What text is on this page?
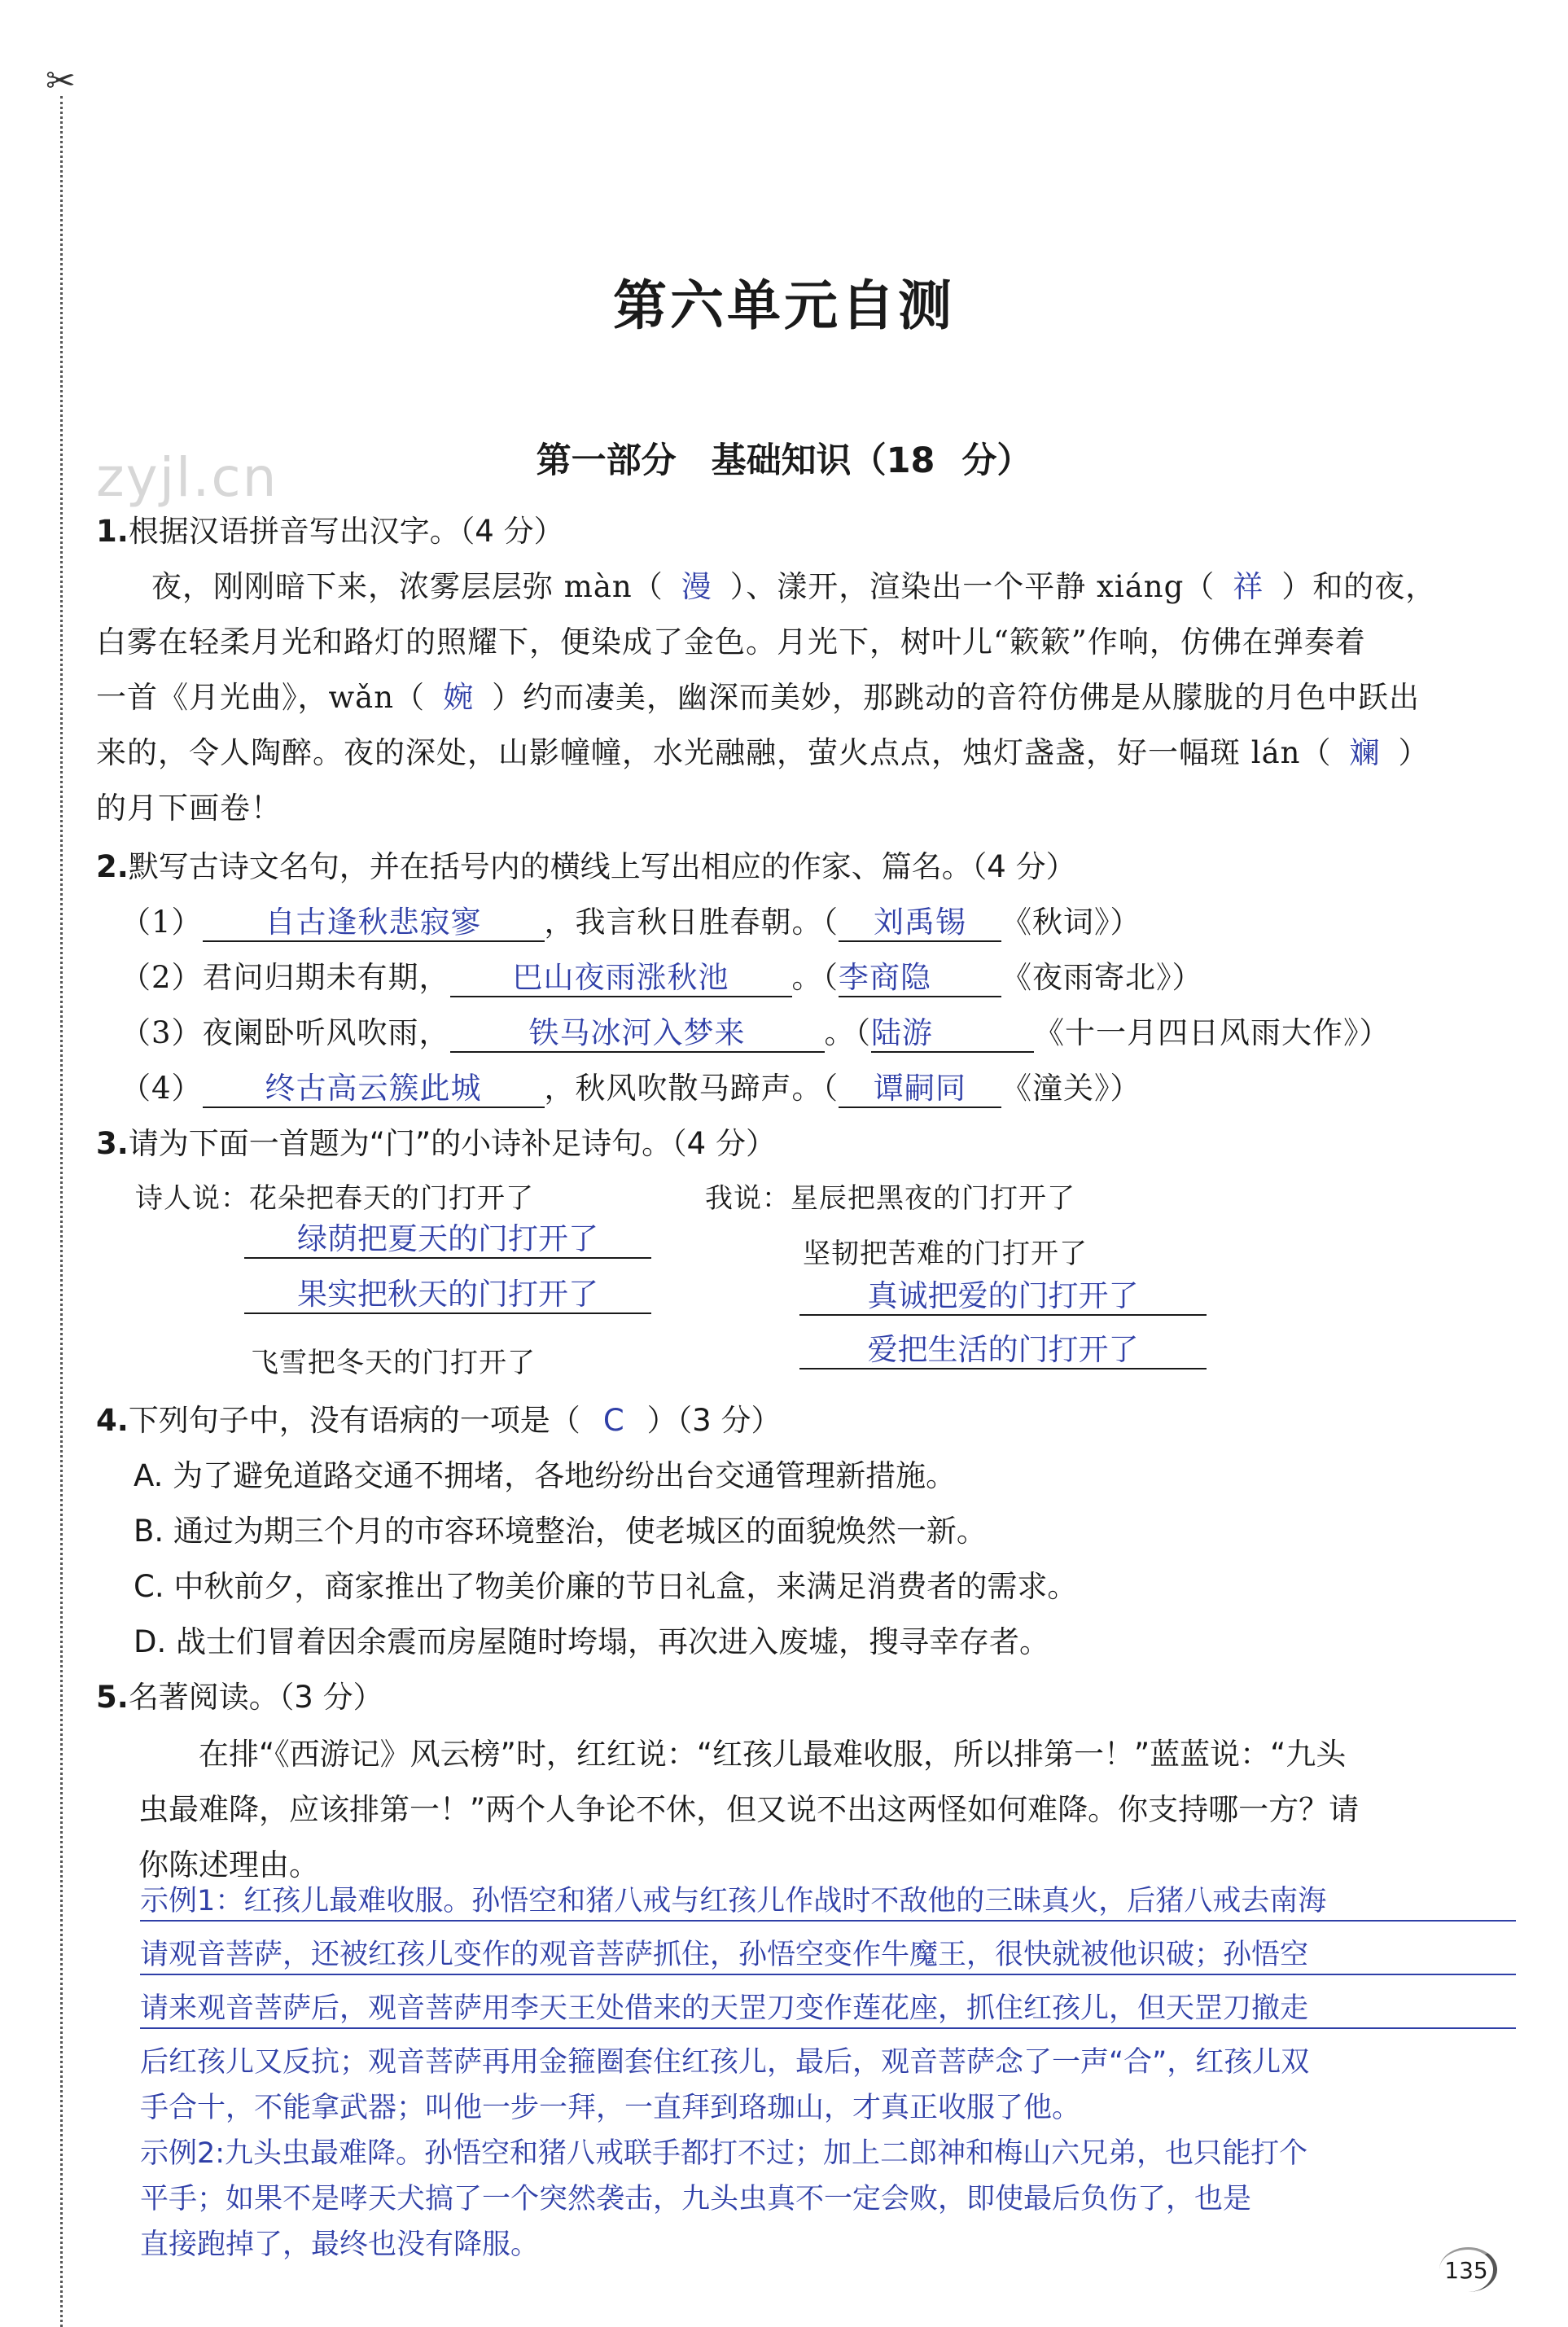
✂
zyjl.cn
第六单元自测
第一部分　基础知识（18 分）
1.根据汉语拼音写出汉字。（4 分）
夜，刚刚暗下来，浓雾层层弥 màn（ 漫 ）、漾开，渲染出一个平静 xiáng（ 祥 ）和的夜，
白雾在轻柔月光和路灯的照耀下，便染成了金色。月光下，树叶儿“簌簌”作响，仿佛在弹奏着
一首《月光曲》，wǎn（ 婉 ）约而凄美，幽深而美妙，那跳动的音符仿佛是从朦胧的月色中跃出
来的，令人陶醉。夜的深处，山影幢幢，水光融融，萤火点点，烛灯盏盏，好一幅斑 lán（ 斓 ）
的月下画卷！
2.默写古诗文名句，并在括号内的横线上写出相应的作家、篇名。（4 分）
（1） 自古逢秋悲寂寥 ，我言秋日胜春朝。（ 刘禹锡 《秋词》）
（2）君问归期未有期， 巴山夜雨涨秋池 。（李商隐 《夜雨寄北》）
（3）夜阑卧听风吹雨，	铁马冰河入梦来	。（陆游	《十一月四日风雨大作》）
（4） 终古高云簇此城 ，秋风吹散马蹄声。（ 谭嗣同 《潼关》）
3.请为下面一首题为“门”的小诗补足诗句。（4 分）
诗人说：花朵把春天的门打开了
绿荫把夏天的门打开了
果实把秋天的门打开了
飞雪把冬天的门打开了
我说：星辰把黑夜的门打开了
坚韧把苦难的门打开了
真诚把爱的门打开了
爱把生活的门打开了
4.下列句子中，没有语病的一项是（ C ）（3 分）
A. 为了避免道路交通不拥堵，各地纷纷出台交通管理新措施。
B. 通过为期三个月的市容环境整治，使老城区的面貌焕然一新。
C. 中秋前夕，商家推出了物美价廉的节日礼盒，来满足消费者的需求。
D. 战士们冒着因余震而房屋随时垮塌，再次进入废墟，搜寻幸存者。
5.名著阅读。（3 分）
在排“《西游记》风云榜”时，红红说：“红孩儿最难收服，所以排第一！”蓝蓝说：“九头
虫最难降，应该排第一！”两个人争论不休，但又说不出这两怪如何难降。你支持哪一方？请
你陈述理由。
示例1：红孩儿最难收服。孙悟空和猪八戒与红孩儿作战时不敌他的三昧真火，后猪八戒去南海
请观音菩萨，还被红孩儿变作的观音菩萨抓住，孙悟空变作牛魔王，很快就被他识破；孙悟空
请来观音菩萨后，观音菩萨用李天王处借来的天罡刀变作莲花座，抓住红孩儿，但天罡刀撤走
后红孩儿又反抗；观音菩萨再用金箍圈套住红孩儿，最后，观音菩萨念了一声“合”，红孩儿双
手合十，不能拿武器；叫他一步一拜，一直拜到珞珈山，才真正收服了他。
示例2:九头虫最难降。孙悟空和猪八戒联手都打不过；加上二郎神和梅山六兄弟，也只能打个
平手；如果不是哮天犬搞了一个突然袭击，九头虫真不一定会败，即使最后负伤了，也是
直接跑掉了，最终也没有降服。
135
